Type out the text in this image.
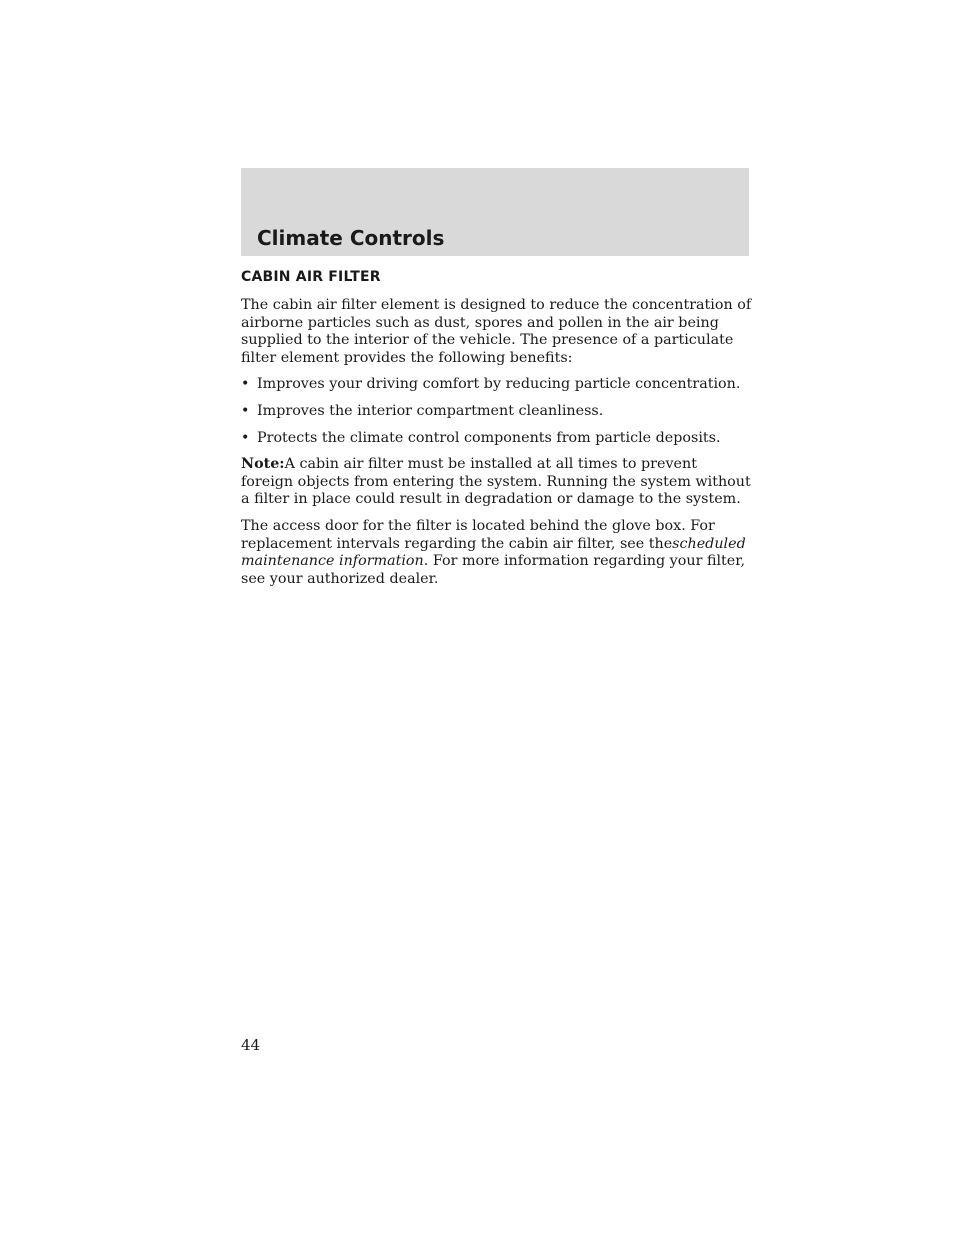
Climate Controls
CABIN AIR FILTER

The cabin air filter element is designed to reduce the concentration of airborne particles such as dust, spores and pollen in the air being supplied to the interior of the vehicle. The presence of a particulate filter element provides the following benefits:

• Improves your driving comfort by reducing particle concentration.
• Improves the interior compartment cleanliness.
• Protects the climate control components from particle deposits.

Note:A cabin air filter must be installed at all times to prevent foreign objects from entering the system. Running the system without a filter in place could result in degradation or damage to the system.

The access door for the filter is located behind the glove box. For replacement intervals regarding the cabin air filter, see thescheduled maintenance information. For more information regarding your filter, see your authorized dealer.

44
